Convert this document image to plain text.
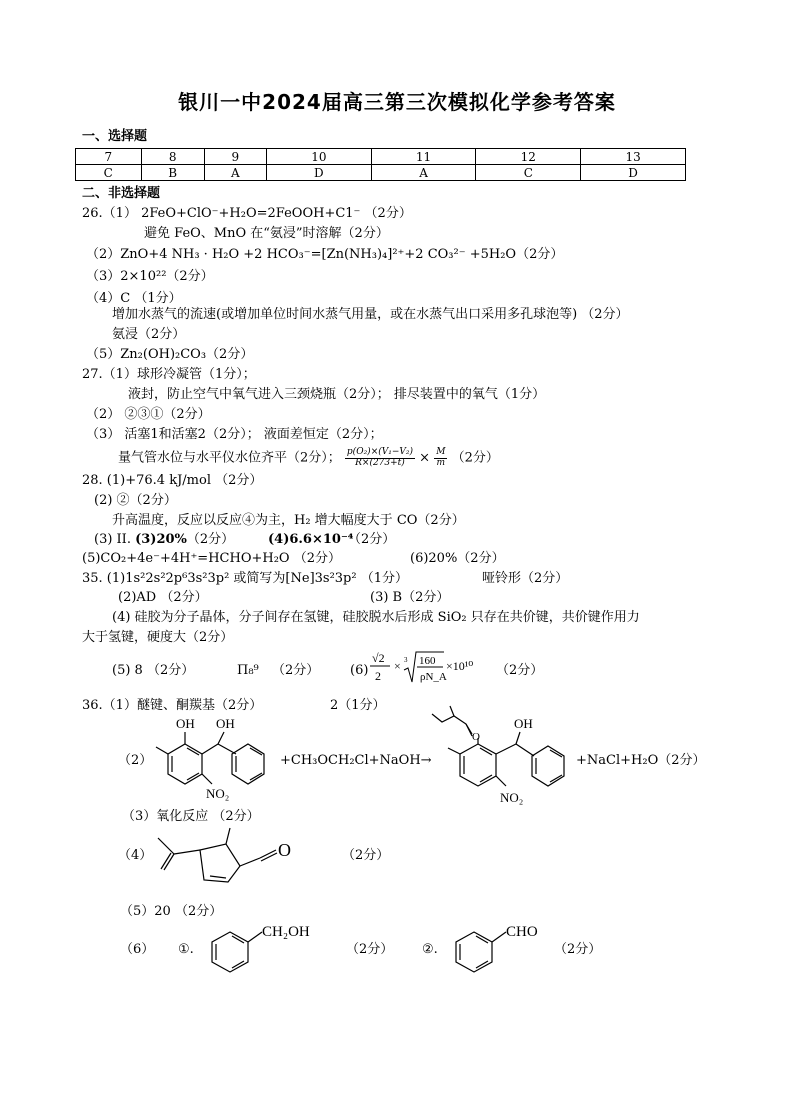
银川一中2024届高三第三次模拟化学参考答案
一、选择题
7	8	9	10	11	12	13
C	B	A	D	A	C	D
二、非选择题
26.（1） 2FeO+ClO⁻+H₂O=2FeOOH+C1⁻ （2分）
避免 FeO、MnO 在“氨浸”时溶解（2分）
（2）ZnO+4 NH₃ · H₂O +2 HCO₃⁻=[Zn(NH₃)₄]²⁺+2 CO₃²⁻ +5H₂O（2分）
（3）2×10²²（2分）
（4）C （1分）
增加水蒸气的流速(或增加单位时间水蒸气用量，或在水蒸气出口采用多孔球泡等) （2分）
氨浸（2分）
（5）Zn₂(OH)₂CO₃（2分）
27.（1）球形冷凝管（1分）；
液封，防止空气中氧气进入三颈烧瓶（2分）； 排尽装置中的氧气（1分）
（2） ②③①（2分）
（3） 活塞1和活塞2（2分）； 液面差恒定（2分）；
量气管水位与水平仪水位齐平（2分）； $\frac{\text{p(O₂)×(V₁−V₂)}}{R\times(273+t)} \times \frac{M}{m} (2$分）
28. (1)+76.4 kJ/mol （2分）
(2) ②（2分）
升高温度，反应以反应④为主，H₂ 增大幅度大于 CO（2分）
(3) II. (3)20%（2分）	(4)6.6×10⁻⁴
（2分）
(5)CO₂+4e⁻+4H⁺=HCHO+H₂O （2分）	(6)20%（2分）
35. (1)1s²2s²2p⁶3s²3p² 或简写为[Ne]3s²3p² （1分）	哑铃形（2分）
(2)AD （2分）	(3) B（2分）
(4) 硅胶为分子晶体，分子间存在氢键，硅胶脱水后形成 SiO₂ 只存在共价键，共价键作用力
大于氢键，硬度大（2分）
(5) 8 （2分）	Π₈⁹ （2分） (6)
√2
2
× 3 160
ρN_A
×10¹⁰ （2分）
36.（1）醚键、酮羰基（2分）	2（1分）
（2）
OH OH
NO₂
+CH₃OCH₂Cl+NaOH→
O
OH
NO₂
+NaCl+H₂O（2分）
（3）氧化反应 （2分）
（4）	O	（2分）
（5）20 （2分）
（6） ①.
CH₂OH
（2分） ②.
CHO
（2分）
